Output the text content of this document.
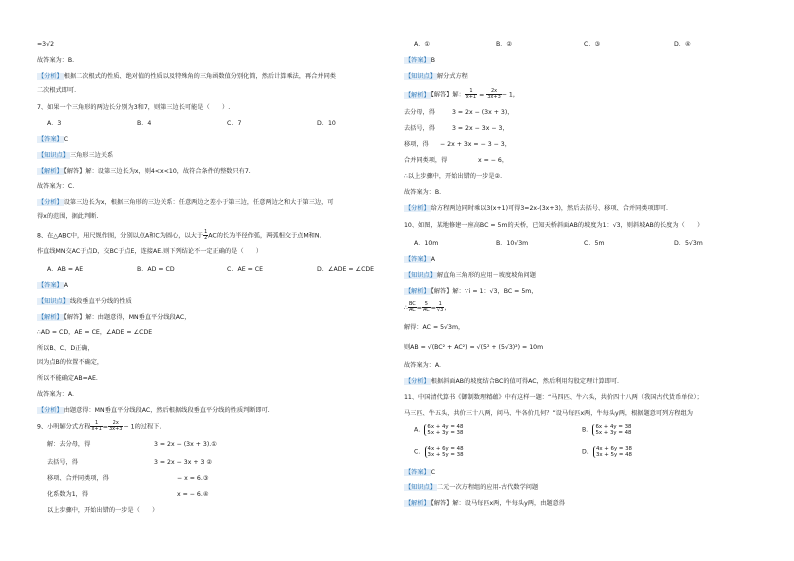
=3√2
故答案为：B.
【分析】根据二次根式的性质、绝对值的性质以及特殊角的三角函数值分别化简，然后计算乘法，再合并同类
二次根式即可.
7、如果一个三角形的两边长分别为3和7，则第三边长可能是（　　）.
A．3	B．4	C．7	D．10
【答案】C
【知识点】三角形三边关系
【解析】【解答】解：设第三边长为x，则4<x<10，故符合条件的整数只有7.
故答案为：C.
【分析】设第三边长为x，根据三角形的三边关系：任意两边之差小于第三边，任意两边之和大于第三边，可
得x的范围，据此判断.
8、在△ABC中，用尺规作图，分别以点A和C为圆心，以大于 $\frac{1}{2}$ AC的长为半径作弧，两弧相交于点M和N.
作直线MN交AC于点D，交BC于点E，连接AE.则下列结论不一定正确的是（　　）
A．AB = AE	B．AD = CD	C．AE = CE	D．∠ADE = ∠CDE
【答案】A
【知识点】线段垂直平分线的性质
【解析】【解答】解：由题意得，MN垂直平分线段AC，
∴AD = CD，AE = CE，∠ADE = ∠CDE
所以B、C、D正确，
因为点B的位置不确定，
所以不能确定AB=AE.
故答案为：A.
【分析】由题意得：MN垂直平分线段AC，然后根据线段垂直平分线的性质判断即可.
9、小明解分式方程 $\frac{1}{x+1} = \frac{2x}{3x+3} - 1$的过程下.
解：去分母，得	3 = 2x − (3x + 3).①
去括号，得	3 = 2x − 3x + 3 ②
移项、合并同类项，得	− x = 6.③
化系数为1，得	x = − 6.④
以上步骤中，开始出错的一步是（　　）
A．①	B．②	C．③	D．④
【答案】B
【知识点】解分式方程
【解析】【解答】解： $\frac{1}{x+1} = \frac{2x}{3x+3} - 1$，
去分母，得	3 = 2x − (3x + 3)，
去括号，得	3 = 2x − 3x − 3，
移项，得 − 2x + 3x = − 3 − 3，
合并同类项，得	x = − 6，
∴以上步骤中，开始出错的一步是②.
故答案为：B.
【分析】给方程两边同时乘以3(x+1)可得3=2x-(3x+3)，然后去括号、移项、合并同类项即可.
10、如图，某地修建一座高BC = 5m的天桥，已知天桥斜面AB的坡度为1：√3，则斜坡AB的长度为（　　）
A．10m	B．10√3m	C．5m	D．5√3m
【答案】A
【知识点】解直角三角形的应用－坡度坡角问题
【解析】【解答】解：∵i = 1：√3，BC = 5m，
∴ $\frac{BC}{AC} = \frac{5}{AC} = \frac{1}{√3}$ ，
解得：AC = 5√3m，
则AB = √(BC² + AC²) = √(5² + (5√3)²) = 10m
故答案为：A.
【分析】根据斜面AB的坡度结合BC的值可得AC，然后利用勾股定理计算即可.
11、中国清代算书《御制数理精蕴》中有这样一题：“马四匹、牛六头，共价四十八两（我国古代货币单位）；
马三匹、牛五头，共价三十八两，问马、牛各价几何？”设马每匹x两，牛每头y两，根据题意可列方程组为
A． 6x + 4y = 48
5x + 3y = 38	B． 6x + 4y = 38
5x + 3y = 48
C． 4x + 6y = 48
3x + 5y = 38	D． 4x + 6y = 38
3x + 5y = 48
【答案】C
【知识点】二元一次方程组的应用-古代数学问题
【解析】【解答】解：设马每匹x两，牛每头y两，由题意得
